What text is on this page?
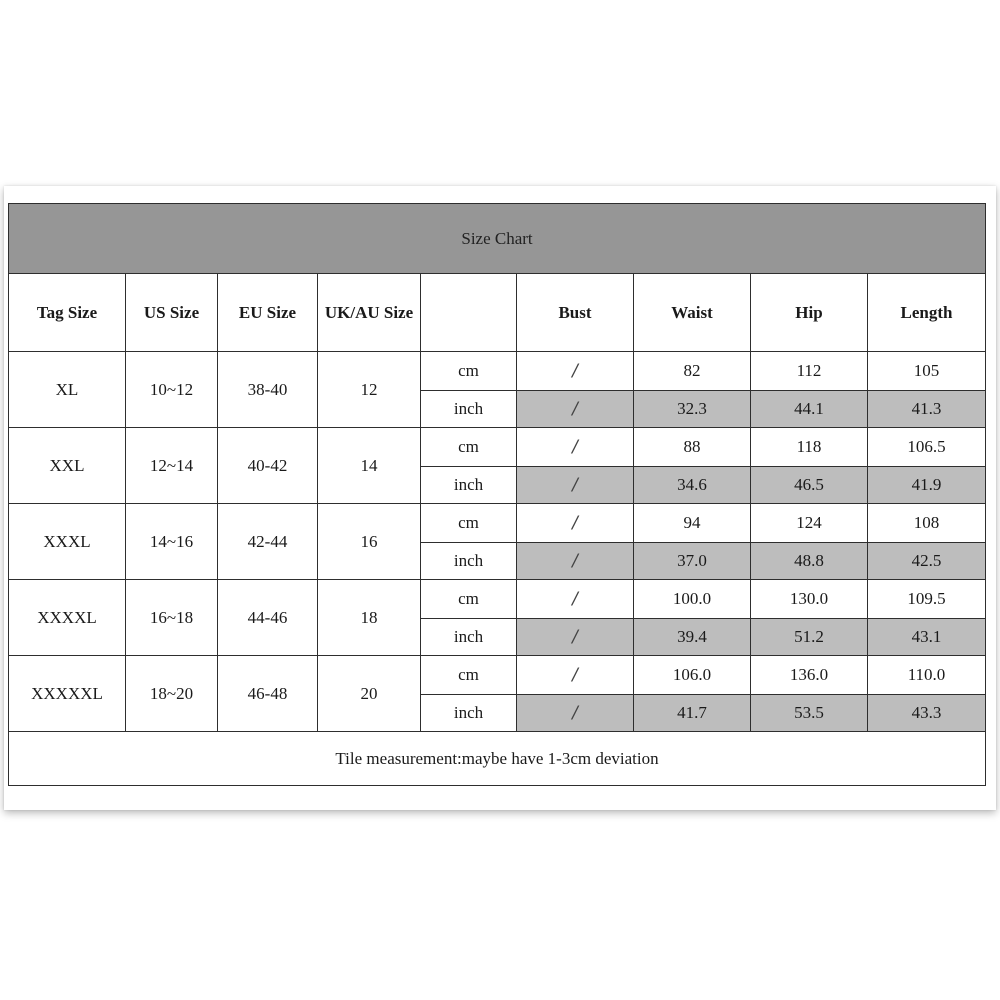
Size Chart								
Tag Size	US Size	EU Size	UK/AU Size		Bust	Waist	Hip	Length
XL	10~12	38-40	12	cm	/	82	112	105
				inch	/	32.3	44.1	41.3
XXL	12~14	40-42	14	cm	/	88	118	106.5
				inch	/	34.6	46.5	41.9
XXXL	14~16	42-44	16	cm	/	94	124	108
				inch	/	37.0	48.8	42.5
XXXXL	16~18	44-46	18	cm	/	100.0	130.0	109.5
				inch	/	39.4	51.2	43.1
XXXXXL	18~20	46-48	20	cm	/	106.0	136.0	110.0
				inch	/	41.7	53.5	43.3
Tile measurement:maybe have 1-3cm deviation								
